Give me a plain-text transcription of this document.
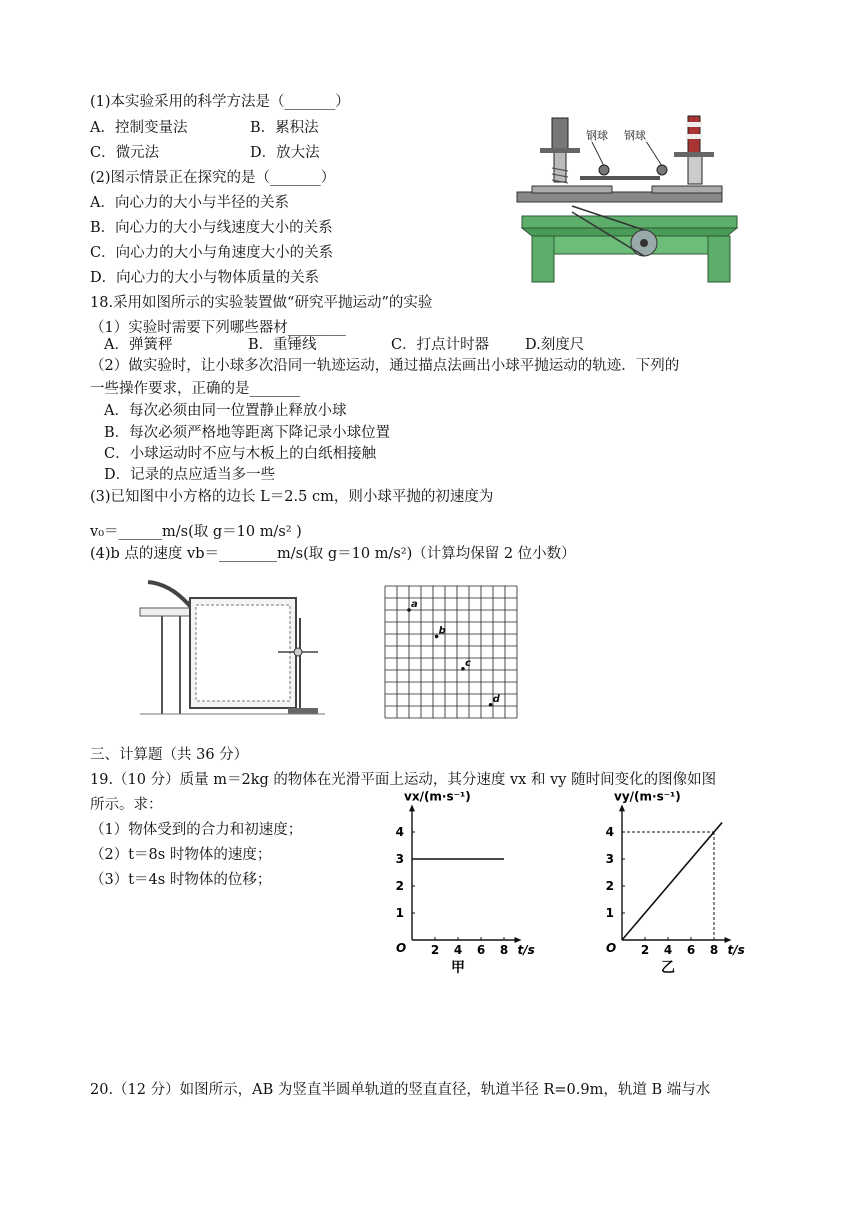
(1)本实验采用的科学方法是（_______）
A．控制变量法	B．累积法
C．微元法	D．放大法
(2)图示情景正在探究的是（_______）
A．向心力的大小与半径的关系
B．向心力的大小与线速度大小的关系
C．向心力的大小与角速度大小的关系
D．向心力的大小与物体质量的关系
钢球 钢球
18.采用如图所示的实验装置做“研究平抛运动”的实验
（1）实验时需要下列哪些器材________
A．弹簧秤	B．重锤线	C．打点计时器 D.刻度尺
（2）做实验时，让小球多次沿同一轨迹运动，通过描点法画出小球平抛运动的轨迹．下列的
一些操作要求，正确的是_______
A．每次必须由同一位置静止释放小球
B．每次必须严格地等距离下降记录小球位置
C．小球运动时不应与木板上的白纸相接触
D．记录的点应适当多一些
(3)已知图中小方格的边长 L＝2.5 cm，则小球平抛的初速度为
v₀＝______m/s(取 g＝10 m/s² )
(4)b 点的速度 vb＝________m/s(取 g＝10 m/s²)（计算均保留 2 位小数）
a
b
c
d
三、计算题（共 36 分）
19.（10 分）质量 m＝2kg 的物体在光滑平面上运动，其分速度 vx 和 vy 随时间变化的图像如图
所示。求：
（1）物体受到的合力和初速度；
（2）t＝8s 时物体的速度；
（3）t＝4s 时物体的位移；
2 4 6 8
1
2
3
4
O	t/s
vx/(m·s⁻¹)
甲
2 4 6 8
1
2
3
4
O	t/s
vy/(m·s⁻¹)
乙
20.（12 分）如图所示，AB 为竖直半圆单轨道的竖直直径，轨道半径 R=0.9m，轨道 B 端与水
